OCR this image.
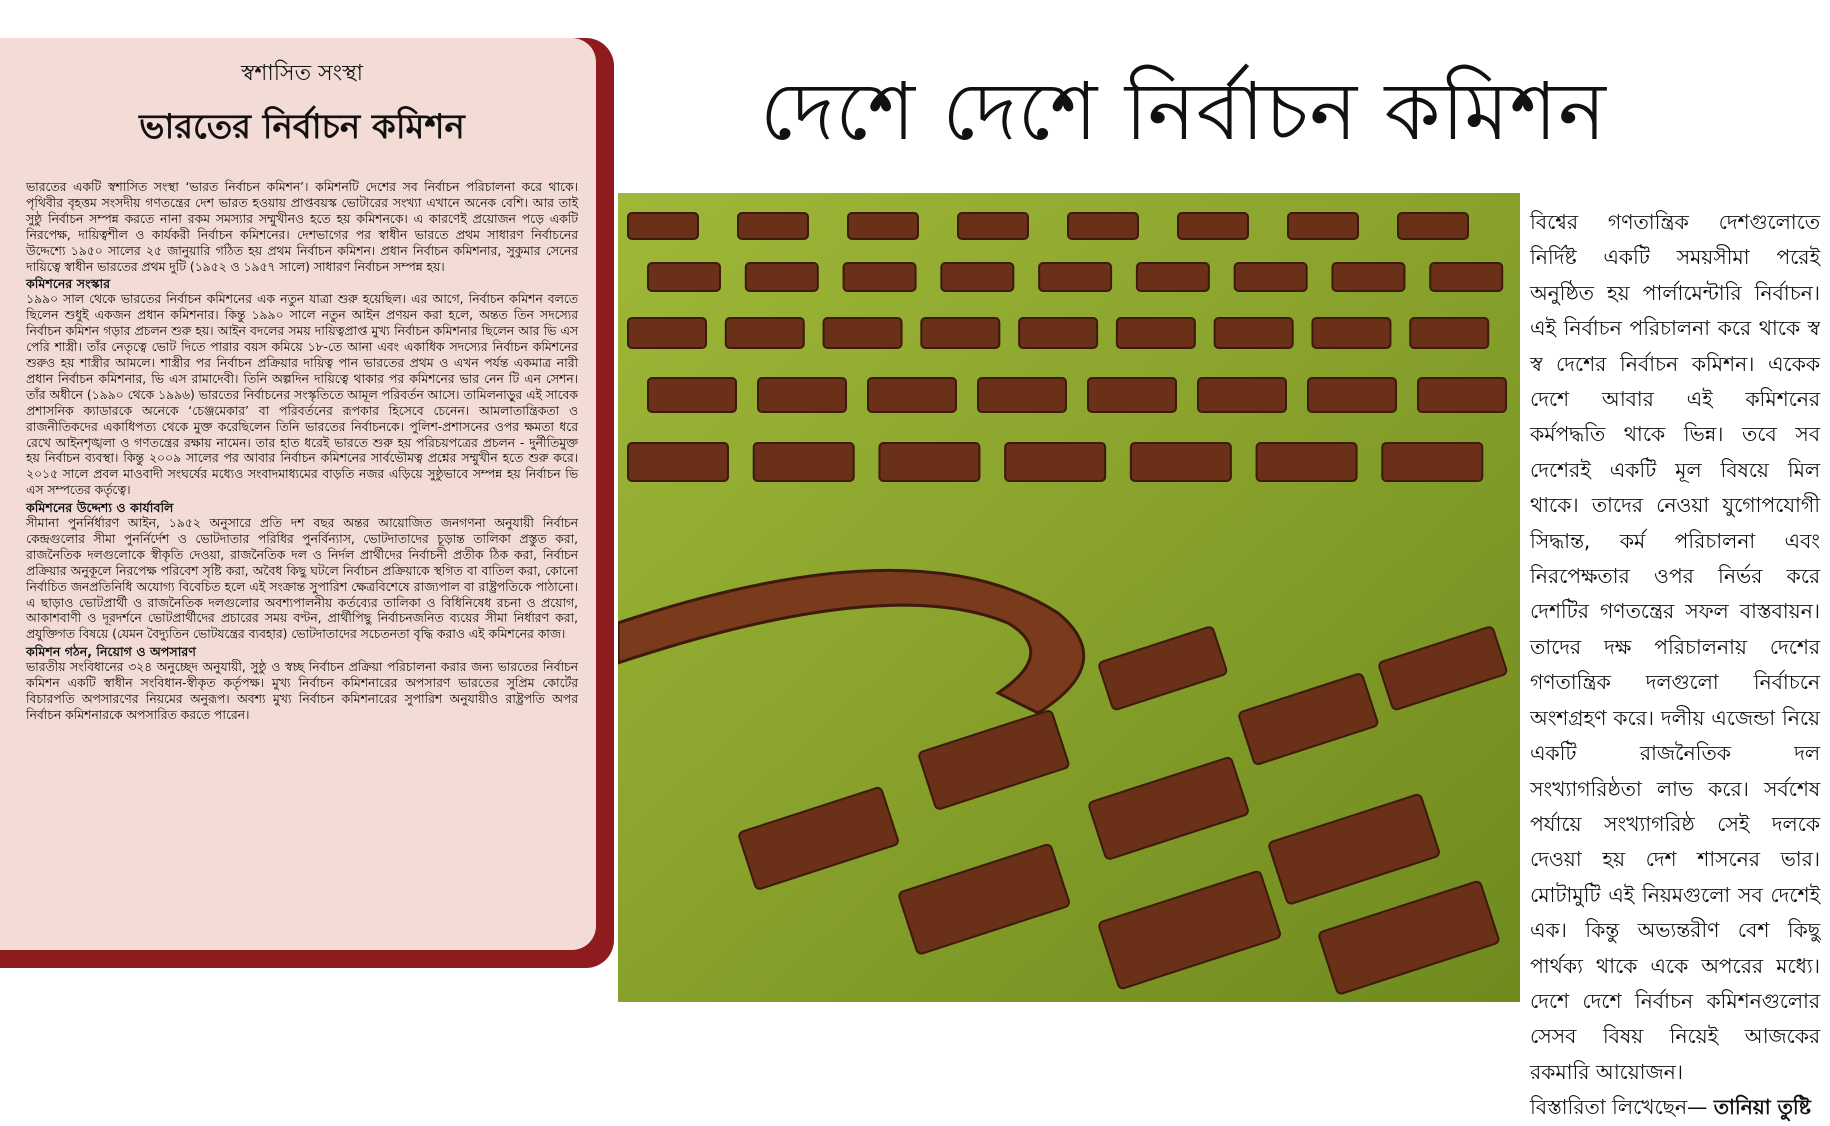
স্বশাসিত সংস্থা
ভারতের নির্বাচন কমিশন

ভারতের একটি স্বশাসিত সংস্থা ‘ভারত নির্বাচন কমিশন’। কমিশনটি দেশের সব নির্বাচন পরিচালনা করে থাকে। পৃথিবীর বৃহত্তম সংসদীয় গণতন্ত্রের দেশ ভারত হওয়ায় প্রাপ্তবয়স্ক ভোটারের সংখ্যা এখানে অনেক বেশি। আর তাই সুষ্ঠু নির্বাচন সম্পন্ন করতে নানা রকম সমস্যার সম্মুখীনও হতে হয় কমিশনকে। এ কারণেই প্রয়োজন পড়ে একটি নিরপেক্ষ, দায়িত্বশীল ও কার্যকরী নির্বাচন কমিশনের। দেশভাগের পর স্বাধীন ভারতে প্রথম সাধারণ নির্বাচনের উদ্দেশ্যে ১৯৫০ সালের ২৫ জানুয়ারি গঠিত হয় প্রথম নির্বাচন কমিশন। প্রধান নির্বাচন কমিশনার, সুকুমার সেনের দায়িত্বে স্বাধীন ভারতের প্রথম দুটি (১৯৫২ ও ১৯৫৭ সালে) সাধারণ নির্বাচন সম্পন্ন হয়।

কমিশনের সংস্কার

১৯৯০ সাল থেকে ভারতের নির্বাচন কমিশনের এক নতুন যাত্রা শুরু হয়েছিল। এর আগে, নির্বাচন কমিশন বলতে ছিলেন শুধুই একজন প্রধান কমিশনার। কিন্তু ১৯৯০ সালে নতুন আইন প্রণয়ন করা হলে, অন্তত তিন সদস্যের নির্বাচন কমিশন গড়ার প্রচলন শুরু হয়। আইন বদলের সময় দায়িত্বপ্রাপ্ত মুখ্য নির্বাচন কমিশনার ছিলেন আর ভি এস পেরি শাস্ত্রী। তাঁর নেতৃত্বে ভোট দিতে পারার বয়স কমিয়ে ১৮-তে আনা এবং একাধিক সদস্যের নির্বাচন কমিশনের শুরুও হয় শাস্ত্রীর আমলে। শাস্ত্রীর পর নির্বাচন প্রক্রিয়ার দায়িত্ব পান ভারতের প্রথম ও এখন পর্যন্ত একমাত্র নারী প্রধান নির্বাচন কমিশনার, ভি এস রামাদেবী। তিনি অল্পদিন দায়িত্বে থাকার পর কমিশনের ভার নেন টি এন সেশন। তাঁর অধীনে (১৯৯০ থেকে ১৯৯৬) ভারতের নির্বাচনের সংস্কৃতিতে আমূল পরিবর্তন আসে। তামিলনাড়ুর এই সাবেক প্রশাসনিক ক্যাডারকে অনেকে ‘চেঞ্জমেকার’ বা পরিবর্তনের রূপকার হিসেবে চেনেন। আমলাতান্ত্রিকতা ও রাজনীতিকদের একাধিপত্য থেকে মুক্ত করেছিলেন তিনি ভারতের নির্বাচনকে। পুলিশ-প্রশাসনের ওপর ক্ষমতা ধরে রেখে আইনশৃঙ্খলা ও গণতন্ত্রের রক্ষায় নামেন। তার হাত ধরেই ভারতে শুরু হয় পরিচয়পত্রের প্রচলন - দুর্নীতিমুক্ত হয় নির্বাচন ব্যবস্থা। কিন্তু ২০০৯ সালের পর আবার নির্বাচন কমিশনের সার্বভৌমত্ব প্রশ্নের সম্মুখীন হতে শুরু করে। ২০১৫ সালে প্রবল মাওবাদী সংঘর্ষের মধ্যেও সংবাদমাধ্যমের বাড়তি নজর এড়িয়ে সুষ্ঠুভাবে সম্পন্ন হয় নির্বাচন ভি এস সম্পতের কর্তৃত্বে।

কমিশনের উদ্দেশ্য ও কার্যাবলি

সীমানা পুনর্নির্ধারণ আইন, ১৯৫২ অনুসারে প্রতি দশ বছর অন্তর আয়োজিত জনগণনা অনুযায়ী নির্বাচন কেন্দ্রগুলোর সীমা পুনর্নির্দেশ ও ভোটদাতার পরিধির পুনর্বিন্যাস, ভোটদাতাদের চূড়ান্ত তালিকা প্রস্তুত করা, রাজনৈতিক দলগুলোকে স্বীকৃতি দেওয়া, রাজনৈতিক দল ও নির্দল প্রার্থীদের নির্বাচনী প্রতীক ঠিক করা, নির্বাচন প্রক্রিয়ার অনুকূলে নিরপেক্ষ পরিবেশ সৃষ্টি করা, অবৈধ কিছু ঘটলে নির্বাচন প্রক্রিয়াকে স্থগিত বা বাতিল করা, কোনো নির্বাচিত জনপ্রতিনিধি অযোগ্য বিবেচিত হলে এই সংক্রান্ত সুপারিশ ক্ষেত্রবিশেষে রাজ্যপাল বা রাষ্ট্রপতিকে পাঠানো। এ ছাড়াও ভোটপ্রার্থী ও রাজনৈতিক দলগুলোর অবশ্যপালনীয় কর্তব্যের তালিকা ও বিধিনিষেধ রচনা ও প্রয়োগ, আকাশবাণী ও দূরদর্শনে ভোটপ্রার্থীদের প্রচারের সময় বণ্টন, প্রার্থীপিছু নির্বাচনজনিত ব্যয়ের সীমা নির্ধারণ করা, প্রযুক্তিগত বিষয়ে (যেমন বৈদ্যুতিন ভোটযন্ত্রের ব্যবহার) ভোটদাতাদের সচেতনতা বৃদ্ধি করাও এই কমিশনের কাজ।

কমিশন গঠন, নিয়োগ ও অপসারণ

ভারতীয় সংবিধানের ৩২৪ অনুচ্ছেদ অনুযায়ী, সুষ্ঠু ও স্বচ্ছ নির্বাচন প্রক্রিয়া পরিচালনা করার জন্য ভারতের নির্বাচন কমিশন একটি স্বাধীন সংবিধান-স্বীকৃত কর্তৃপক্ষ। মুখ্য নির্বাচন কমিশনারের অপসারণ ভারতের সুপ্রিম কোর্টের বিচারপতি অপসারণের নিয়মের অনুরূপ। অবশ্য মুখ্য নির্বাচন কমিশনারের সুপারিশ অনুযায়ীও রাষ্ট্রপতি অপর নির্বাচন কমিশনারকে অপসারিত করতে পারেন।

দেশে দেশে নির্বাচন কমিশন

বিশ্বের গণতান্ত্রিক দেশগুলোতে নির্দিষ্ট একটি সময়সীমা পরেই অনুষ্ঠিত হয় পার্লামেন্টারি নির্বাচন। এই নির্বাচন পরিচালনা করে থাকে স্ব স্ব দেশের নির্বাচন কমিশন। একেক দেশে আবার এই কমিশনের কর্মপদ্ধতি থাকে ভিন্ন। তবে সব দেশেরই একটি মূল বিষয়ে মিল থাকে। তাদের নেওয়া যুগোপযোগী সিদ্ধান্ত, কর্ম পরিচালনা এবং নিরপেক্ষতার ওপর নির্ভর করে দেশটির গণতন্ত্রের সফল বাস্তবায়ন। তাদের দক্ষ পরিচালনায় দেশের গণতান্ত্রিক দলগুলো নির্বাচনে অংশগ্রহণ করে। দলীয় এজেন্ডা নিয়ে একটি রাজনৈতিক দল সংখ্যাগরিষ্ঠতা লাভ করে। সর্বশেষ পর্যায়ে সংখ্যাগরিষ্ঠ সেই দলকে দেওয়া হয় দেশ শাসনের ভার। মোটামুটি এই নিয়মগুলো সব দেশেই এক। কিন্তু অভ্যন্তরীণ বেশ কিছু পার্থক্য থাকে একে অপরের মধ্যে। দেশে দেশে নির্বাচন কমিশনগুলোর সেসব বিষয় নিয়েই আজকের রকমারি আয়োজন।

বিস্তারিতা লিখেছেন— তানিয়া তুষ্টি
